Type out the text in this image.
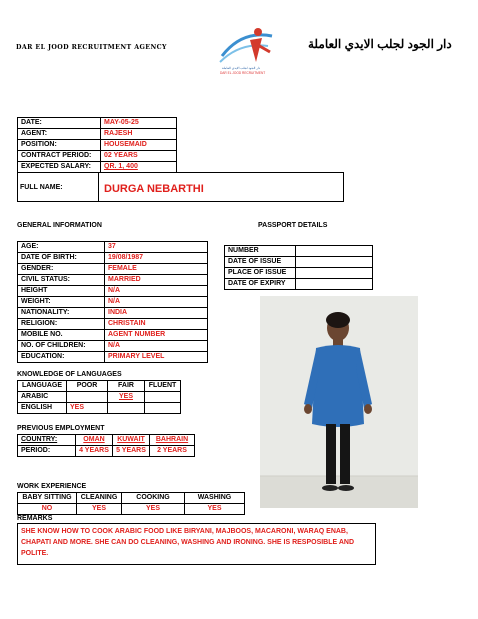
DAR EL JOOD RECRUITMENT AGENCY
دار الجود لجلب الايدي العاملة
DAR EL JOOD RECRUITMENT
دار الجود لجلب الايدي العاملة
DATE:	MAY-05-25
AGENT:	RAJESH
POSITION:	HOUSEMAID
CONTRACT PERIOD:	02 YEARS
EXPECTED SALARY:	QR. 1, 400
FULL NAME:	DURGA NEBARTHI
GENERAL INFORMATION	PASSPORT DETAILS
AGE:	37
DATE OF BIRTH:	19/08/1987
GENDER:	FEMALE
CIVIL STATUS:	MARRIED
HEIGHT	N/A
WEIGHT:	N/A
NATIONALITY:	INDIA
RELIGION:	CHRISTAIN
MOBILE NO.	AGENT NUMBER
NO. OF CHILDREN:	N/A
EDUCATION:	PRIMARY LEVEL
NUMBER	
DATE OF ISSUE	
PLACE OF ISSUE	
DATE OF EXPIRY	
KNOWLEDGE OF LANGUAGES
LANGUAGE	POOR	FAIR	FLUENT
ARABIC		YES	
ENGLISH	YES		
PREVIOUS EMPLOYMENT
COUNTRY:	OMAN	KUWAIT	BAHRAIN
PERIOD:	4 YEARS	5 YEARS	2 YEARS
WORK EXPERIENCE
BABY SITTING	CLEANING	COOKING	WASHING
NO	YES	YES	YES
REMARKS
SHE KNOW HOW TO COOK ARABIC FOOD LIKE BIRYANI, MAJBOOS, MACARONI, WARAQ ENAB, CHAPATI AND MORE. SHE CAN DO CLEANING, WASHING AND IRONING. SHE IS RESPOSIBLE AND POLITE.
